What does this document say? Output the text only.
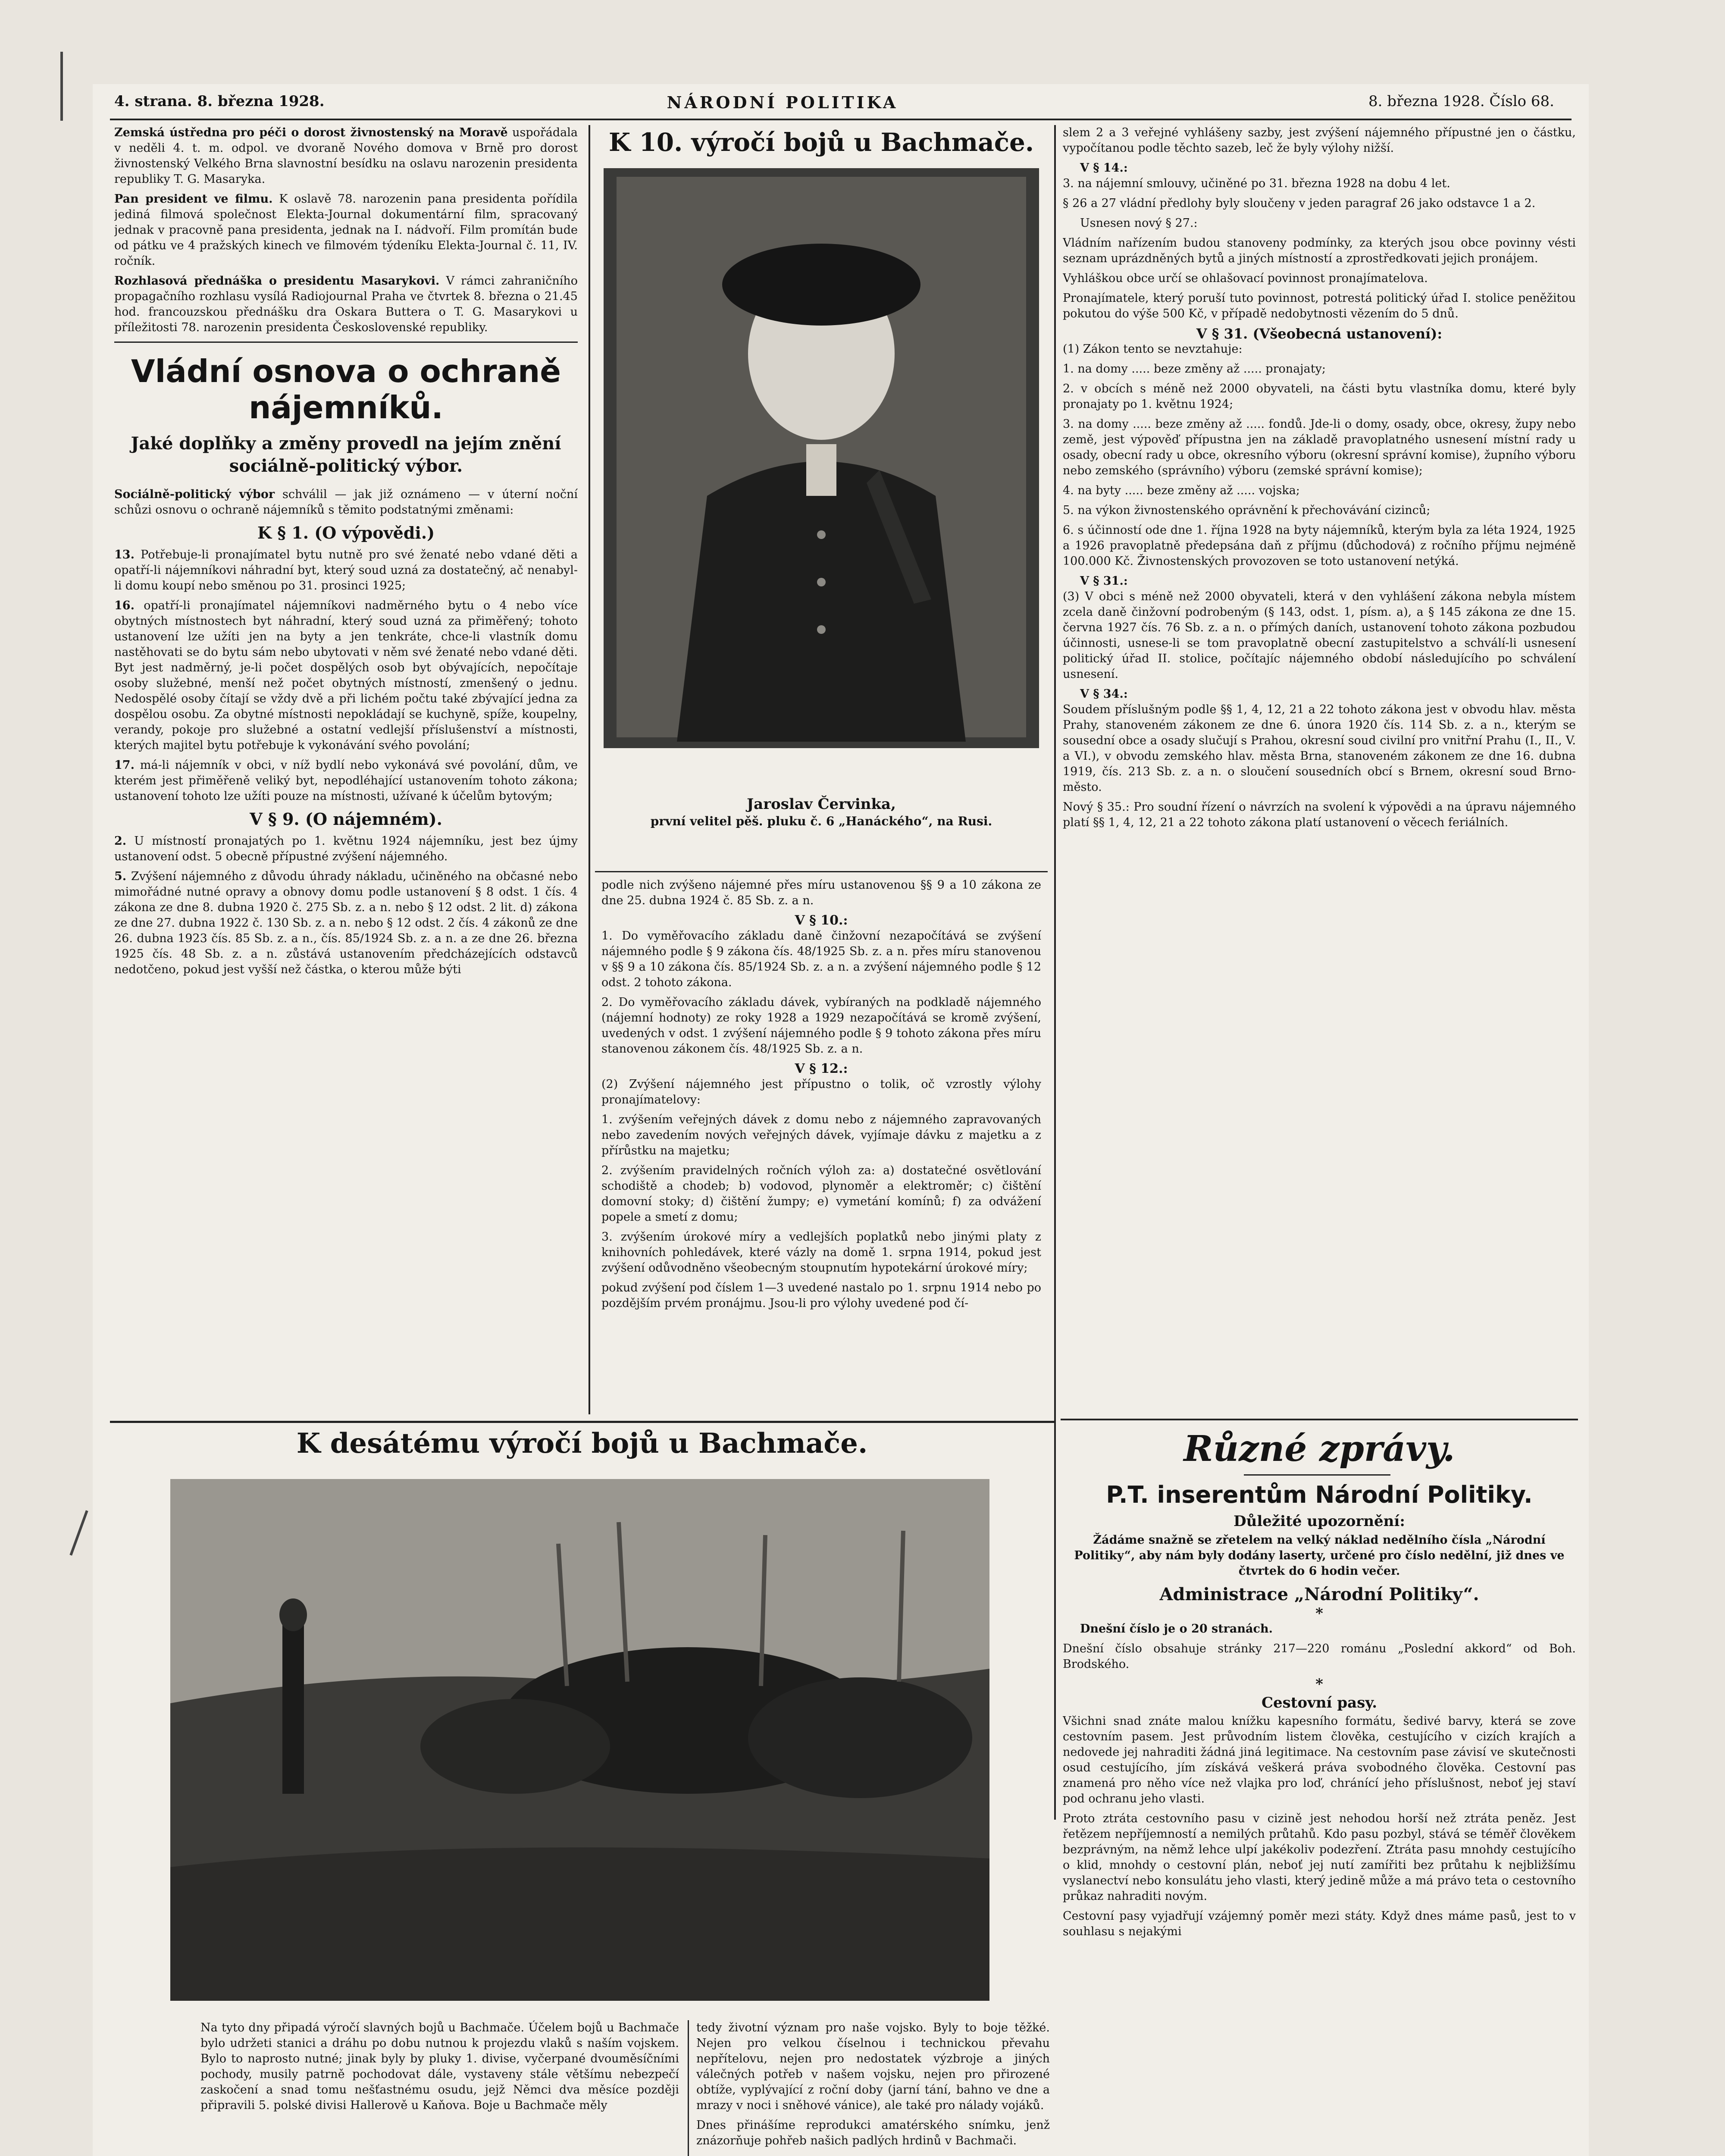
4. strana. 8. března 1928.	NÁRODNÍ POLITIKA	8. března 1928. Číslo 68.

Zemská ústředna pro péči o dorost živnostenský na Moravě uspořádala v neděli 4. t. m. odpol. ve dvoraně Nového domova v Brně pro dorost živnostenský Velkého Brna slavnostní besídku na oslavu narozenin presidenta republiky T. G. Masaryka.

Pan president ve filmu. K oslavě 78. narozenin pana presidenta pořídila jediná filmová společnost Elekta-Journal dokumentární film, spracovaný jednak v pracovně pana presidenta, jednak na I. nádvoří. Film promítán bude od pátku ve 4 pražských kinech ve filmovém týdeníku Elekta-Journal č. 11, IV. ročník.

Rozhlasová přednáška o presidentu Masarykovi. V rámci zahraničního propagačního rozhlasu vysílá Radiojournal Praha ve čtvrtek 8. března o 21.45 hod. francouzskou přednášku dra Oskara Buttera o T. G. Masarykovi u příležitosti 78. narozenin presidenta Československé republiky.

Vládní osnova o ochraně nájemníků.
Jaké doplňky a změny provedl na jejím znění sociálně-politický výbor.

Sociálně-politický výbor schválil — jak již oznámeno — v úterní noční schůzi osnovu o ochraně nájemníků s těmito podstatnými změnami:

K § 1. (O výpovědi.)

13. Potřebuje-li pronajímatel bytu nutně pro své ženaté nebo vdané děti a opatří-li nájemníkovi náhradní byt, který soud uzná za dostatečný, ač nenabyl-li domu koupí nebo směnou po 31. prosinci 1925;

16. opatří-li pronajímatel nájemníkovi nadměrného bytu o 4 nebo více obytných místnostech byt náhradní, který soud uzná za přiměřený; tohoto ustanovení lze užíti jen na byty a jen tenkráte, chce-li vlastník domu nastěhovati se do bytu sám nebo ubytovati v něm své ženaté nebo vdané děti. Byt jest nadměrný, je-li počet dospělých osob byt obývajících, nepočítaje osoby služebné, menší než počet obytných místností, zmenšený o jednu. Nedospělé osoby čítají se vždy dvě a při lichém počtu také zbývající jedna za dospělou osobu. Za obytné místnosti nepokládají se kuchyně, spíže, koupelny, verandy, pokoje pro služebné a ostatní vedlejší příslušenství a místnosti, kterých majitel bytu potřebuje k vykonávání svého povolání;

17. má-li nájemník v obci, v níž bydlí nebo vykonává své povolání, dům, ve kterém jest přiměřeně veliký byt, nepodléhající ustanovením tohoto zákona; ustanovení tohoto lze užíti pouze na místnosti, užívané k účelům bytovým;

V § 9. (O nájemném).

2. U místností pronajatých po 1. květnu 1924 nájemníku, jest bez újmy ustanovení odst. 5 obecně přípustné zvýšení nájemného.

5. Zvýšení nájemného z důvodu úhrady nákladu, učiněného na občasné nebo mimořádné nutné opravy a obnovy domu podle ustanovení § 8 odst. 1 čís. 4 zákona ze dne 8. dubna 1920 č. 275 Sb. z. a n. nebo § 12 odst. 2 lit. d) zákona ze dne 27. dubna 1922 č. 130 Sb. z. a n. nebo § 12 odst. 2 čís. 4 zákonů ze dne 26. dubna 1923 čís. 85 Sb. z. a n., čís. 85/1924 Sb. z. a n. a ze dne 26. března 1925 čís. 48 Sb. z. a n. zůstává ustanovením předcházejících odstavců nedotčeno, pokud jest vyšší než částka, o kterou může býti

K 10. výročí bojů u Bachmače.
Jaroslav Červinka,
první velitel pěš. pluku č. 6 „Hanáckého“, na Rusi.

podle nich zvýšeno nájemné přes míru ustanovenou §§ 9 a 10 zákona ze dne 25. dubna 1924 č. 85 Sb. z. a n.

V § 10.:

1. Do vyměřovacího základu daně činžovní nezapočítává se zvýšení nájemného podle § 9 zákona čís. 48/1925 Sb. z. a n. přes míru stanovenou v §§ 9 a 10 zákona čís. 85/1924 Sb. z. a n. a zvýšení nájemného podle § 12 odst. 2 tohoto zákona.

2. Do vyměřovacího základu dávek, vybíraných na podkladě nájemného (nájemní hodnoty) ze roky 1928 a 1929 nezapočítává se kromě zvýšení, uvedených v odst. 1 zvýšení nájemného podle § 9 tohoto zákona přes míru stanovenou zákonem čís. 48/1925 Sb. z. a n.

V § 12.:

(2) Zvýšení nájemného jest přípustno o tolik, oč vzrostly výlohy pronajímatelovy:

1. zvýšením veřejných dávek z domu nebo z nájemného zapravovaných nebo zavedením nových veřejných dávek, vyjímaje dávku z majetku a z přírůstku na majetku;

2. zvýšením pravidelných ročních výloh za: a) dostatečné osvětlování schodiště a chodeb; b) vodovod, plynoměr a elektroměr; c) čištění domovní stoky; d) čištění žumpy; e) vymetání komínů; f) za odvážení popele a smetí z domu;

3. zvýšením úrokové míry a vedlejších poplatků nebo jinými platy z knihovních pohledávek, které vázly na domě 1. srpna 1914, pokud jest zvýšení odůvodněno všeobecným stoupnutím hypotekární úrokové míry;

pokud zvýšení pod číslem 1—3 uvedené nastalo po 1. srpnu 1914 nebo po pozdějším prvém pronájmu. Jsou-li pro výlohy uvedené pod čí-

slem 2 a 3 veřejné vyhlášeny sazby, jest zvýšení nájemného přípustné jen o částku, vypočítanou podle těchto sazeb, leč že byly výlohy nižší.

V § 14.:

3. na nájemní smlouvy, učiněné po 31. března 1928 na dobu 4 let.

§ 26 a 27 vládní předlohy byly sloučeny v jeden paragraf 26 jako odstavce 1 a 2.

Usnesen nový § 27.:

Vládním nařízením budou stanoveny podmínky, za kterých jsou obce povinny vésti seznam uprázdněných bytů a jiných místností a zprostředkovati jejich pronájem.

Vyhláškou obce určí se ohlašovací povinnost pronajímatelova.

Pronajímatele, který poruší tuto povinnost, potrestá politický úřad I. stolice peněžitou pokutou do výše 500 Kč, v případě nedobytnosti vězením do 5 dnů.

V § 31. (Všeobecná ustanovení):

(1) Zákon tento se nevztahuje:

1. na domy ..... beze změny až ..... pronajaty;

2. v obcích s méně než 2000 obyvateli, na části bytu vlastníka domu, které byly pronajaty po 1. květnu 1924;

3. na domy ..... beze změny až ..... fondů. Jde-li o domy, osady, obce, okresy, župy nebo země, jest výpověď přípustna jen na základě pravoplatného usnesení místní rady u osady, obecní rady u obce, okresního výboru (okresní správní komise), župního výboru nebo zemského (správního) výboru (zemské správní komise);

4. na byty ..... beze změny až ..... vojska;

5. na výkon živnostenského oprávnění k přechovávání cizinců;

6. s účinností ode dne 1. října 1928 na byty nájemníků, kterým byla za léta 1924, 1925 a 1926 pravoplatně předepsána daň z příjmu (důchodová) z ročního příjmu nejméně 100.000 Kč. Živnostenských provozoven se toto ustanovení netýká.

V § 31.:

(3) V obci s méně než 2000 obyvateli, která v den vyhlášení zákona nebyla místem zcela daně činžovní podrobeným (§ 143, odst. 1, písm. a), a § 145 zákona ze dne 15. června 1927 čís. 76 Sb. z. a n. o přímých daních, ustanovení tohoto zákona pozbudou účinnosti, usnese-li se tom pravoplatně obecní zastupitelstvo a schválí-li usnesení politický úřad II. stolice, počítajíc nájemného období následujícího po schválení usnesení.

V § 34.:

Soudem příslušným podle §§ 1, 4, 12, 21 a 22 tohoto zákona jest v obvodu hlav. města Prahy, stanoveném zákonem ze dne 6. února 1920 čís. 114 Sb. z. a n., kterým se sousední obce a osady slučují s Prahou, okresní soud civilní pro vnitřní Prahu (I., II., V. a VI.), v obvodu zemského hlav. města Brna, stanoveném zákonem ze dne 16. dubna 1919, čís. 213 Sb. z. a n. o sloučení sousedních obcí s Brnem, okresní soud Brno-město.

Nový § 35.: Pro soudní řízení o návrzích na svolení k výpovědi a na úpravu nájemného platí §§ 1, 4, 12, 21 a 22 tohoto zákona platí ustanovení o věcech feriálních.

Různé zprávy.
P.T. inserentům Národní Politiky.
Důležité upozornění:

Žádáme snažně se zřetelem na velký náklad nedělního čísla „Národní Politiky“, aby nám byly dodány laserty, určené pro číslo nedělní, již dnes ve čtvrtek do 6 hodin večer.

Administrace „Národní Politiky“.
*

Dnešní číslo je o 20 stranách.

Dnešní číslo obsahuje stránky 217—220 románu „Poslední akkord“ od Boh. Brodského.

*
Cestovní pasy.

Všichni snad znáte malou knížku kapesního formátu, šedivé barvy, která se zove cestovním pasem. Jest průvodním listem člověka, cestujícího v cizích krajích a nedovede jej nahraditi žádná jiná legitimace. Na cestovním pase závisí ve skutečnosti osud cestujícího, jím získává veškerá práva svobodného člověka. Cestovní pas znamená pro něho více než vlajka pro loď, chránící jeho příslušnost, neboť jej staví pod ochranu jeho vlasti.

Proto ztráta cestovního pasu v cizině jest nehodou horší než ztráta peněz. Jest řetězem nepříjemností a nemilých průtahů. Kdo pasu pozbyl, stává se téměř člověkem bezprávným, na němž lehce ulpí jakékoliv podezření. Ztráta pasu mnohdy cestujícího o klid, mnohdy o cestovní plán, neboť jej nutí zamířiti bez průtahu k nejbližšímu vyslanectví nebo konsulátu jeho vlasti, který jedině může a má právo teta o cestovního průkaz nahraditi novým.

Cestovní pasy vyjadřují vzájemný poměr mezi státy. Když dnes máme pasů, jest to v souhlasu s nejakými

K desátému výročí bojů u Bachmače.

Na tyto dny připadá výročí slavných bojů u Bachmače. Účelem bojů u Bachmače bylo udržeti stanici a dráhu po dobu nutnou k projezdu vlaků s naším vojskem. Bylo to naprosto nutné; jinak byly by pluky 1. divise, vyčerpané dvouměsíčními pochody, musily patrně pochodovat dále, vystaveny stále většímu nebezpečí zaskočení a snad tomu nešťastnému osudu, jejž Němci dva měsíce později připravili 5. polské divisi Hallerově u Kaňova. Boje u Bachmače měly

tedy životní význam pro naše vojsko. Byly to boje těžké. Nejen pro velkou číselnou i technickou převahu nepřítelovu, nejen pro nedostatek výzbroje a jiných válečných potřeb v našem vojsku, nejen pro přirozené obtíže, vyplývající z roční doby (jarní tání, bahno ve dne a mrazy v noci i sněhové vánice), ale také pro nálady vojáků.

Dnes přinášíme reprodukci amatérského snímku, jenž znázorňuje pohřeb našich padlých hrdinů v Bachmači.
